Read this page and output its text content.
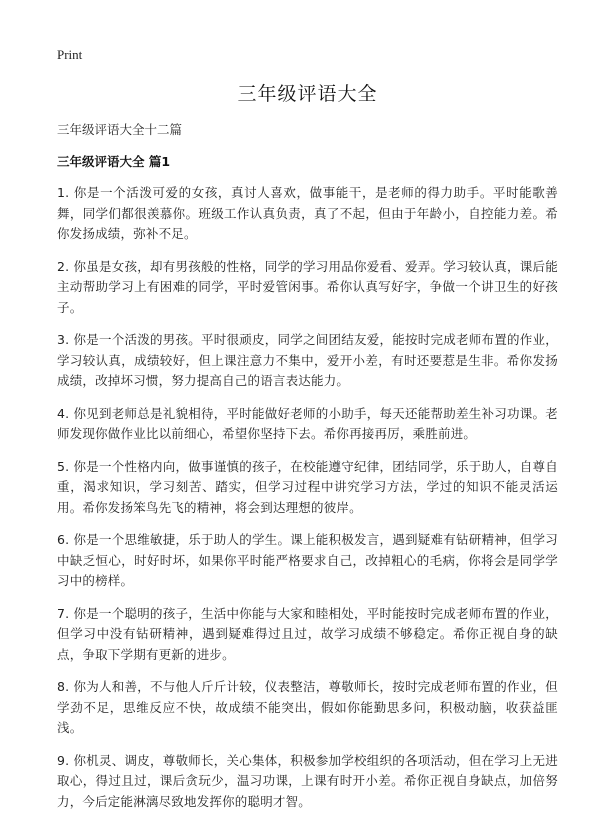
Print
三年级评语大全
三年级评语大全十二篇
三年级评语大全 篇1

1. 你是一个活泼可爱的女孩，真讨人喜欢，做事能干，是老师的得力助手。平时能歌善舞，同学们都很羡慕你。班级工作认真负责，真了不起，但由于年龄小，自控能力差。希你发扬成绩，弥补不足。

2. 你虽是女孩，却有男孩般的性格，同学的学习用品你爱看、爱弄。学习较认真，课后能主动帮助学习上有困难的同学，平时爱管闲事。希你认真写好字，争做一个讲卫生的好孩子。

3. 你是一个活泼的男孩。平时很顽皮，同学之间团结友爱，能按时完成老师布置的作业，学习较认真，成绩较好，但上课注意力不集中，爱开小差，有时还要惹是生非。希你发扬成绩，改掉坏习惯，努力提高自己的语言表达能力。

4. 你见到老师总是礼貌相待，平时能做好老师的小助手，每天还能帮助差生补习功课。老师发现你做作业比以前细心，希望你坚持下去。希你再接再厉，乘胜前进。

5. 你是一个性格内向，做事谨慎的孩子，在校能遵守纪律，团结同学，乐于助人，自尊自重，渴求知识，学习刻苦、踏实，但学习过程中讲究学习方法，学过的知识不能灵活运用。希你发扬笨鸟先飞的精神，将会到达理想的彼岸。

6. 你是一个思维敏捷，乐于助人的学生。课上能积极发言，遇到疑难有钻研精神，但学习中缺乏恒心，时好时坏，如果你平时能严格要求自己，改掉粗心的毛病，你将会是同学学习中的榜样。

7. 你是一个聪明的孩子，生活中你能与大家和睦相处，平时能按时完成老师布置的作业，但学习中没有钻研精神，遇到疑难得过且过，故学习成绩不够稳定。希你正视自身的缺点，争取下学期有更新的进步。

8. 你为人和善，不与他人斤斤计较，仪表整洁，尊敬师长，按时完成老师布置的作业，但学劲不足，思维反应不快，故成绩不能突出，假如你能勤思多问，积极动脑，收获益匪浅。

9. 你机灵、调皮，尊敬师长，关心集体，积极参加学校组织的各项活动，但在学习上无进取心，得过且过，课后贪玩少，温习功课，上课有时开小差。希你正视自身缺点，加倍努力，今后定能淋漓尽致地发挥你的聪明才智。
